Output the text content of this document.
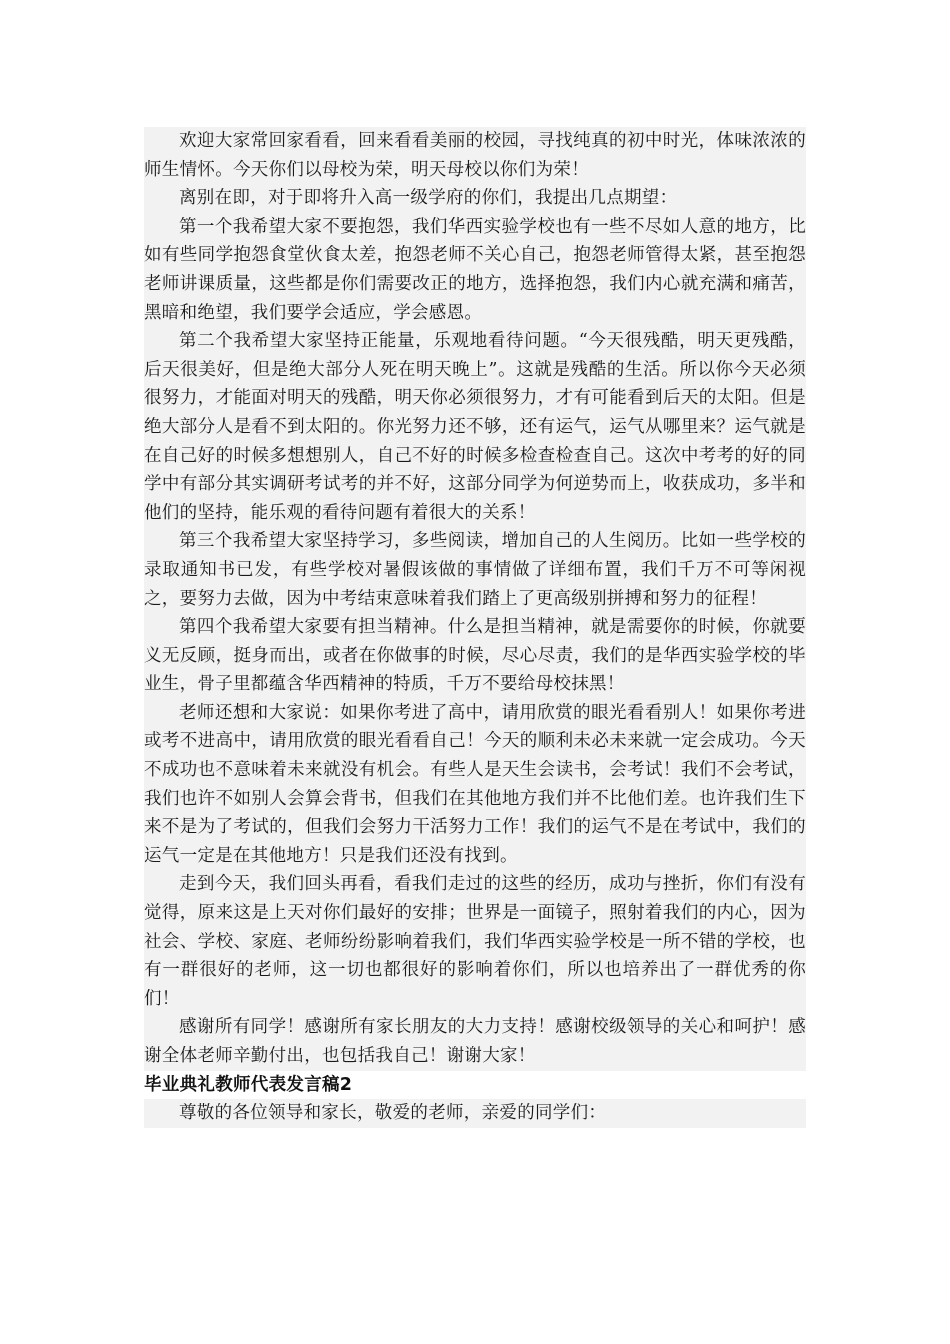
欢迎大家常回家看看，回来看看美丽的校园，寻找纯真的初中时光，体味浓浓的师生情怀。今天你们以母校为荣，明天母校以你们为荣！

离别在即，对于即将升入高一级学府的你们，我提出几点期望：

第一个我希望大家不要抱怨，我们华西实验学校也有一些不尽如人意的地方，比如有些同学抱怨食堂伙食太差，抱怨老师不关心自己，抱怨老师管得太紧，甚至抱怨老师讲课质量，这些都是你们需要改正的地方，选择抱怨，我们内心就充满和痛苦，黑暗和绝望，我们要学会适应，学会感恩。

第二个我希望大家坚持正能量，乐观地看待问题。“今天很残酷，明天更残酷，后天很美好，但是绝大部分人死在明天晚上”。这就是残酷的生活。所以你今天必须很努力，才能面对明天的残酷，明天你必须很努力，才有可能看到后天的太阳。但是绝大部分人是看不到太阳的。你光努力还不够，还有运气，运气从哪里来？运气就是在自己好的时候多想想别人，自己不好的时候多检查检查自己。这次中考考的好的同学中有部分其实调研考试考的并不好，这部分同学为何逆势而上，收获成功，多半和他们的坚持，能乐观的看待问题有着很大的关系！

第三个我希望大家坚持学习，多些阅读，增加自己的人生阅历。比如一些学校的录取通知书已发，有些学校对暑假该做的事情做了详细布置，我们千万不可等闲视之，要努力去做，因为中考结束意味着我们踏上了更高级别拼搏和努力的征程！

第四个我希望大家要有担当精神。什么是担当精神，就是需要你的时候，你就要义无反顾，挺身而出，或者在你做事的时候，尽心尽责，我们的是华西实验学校的毕业生，骨子里都蕴含华西精神的特质，千万不要给母校抹黑！

老师还想和大家说：如果你考进了高中，请用欣赏的眼光看看别人！如果你考进或考不进高中，请用欣赏的眼光看看自己！今天的顺利未必未来就一定会成功。今天不成功也不意味着未来就没有机会。有些人是天生会读书，会考试！我们不会考试，我们也许不如别人会算会背书，但我们在其他地方我们并不比他们差。也许我们生下来不是为了考试的，但我们会努力干活努力工作！我们的运气不是在考试中，我们的运气一定是在其他地方！只是我们还没有找到。

走到今天，我们回头再看，看我们走过的这些的经历，成功与挫折，你们有没有觉得，原来这是上天对你们最好的安排；世界是一面镜子，照射着我们的内心，因为社会、学校、家庭、老师纷纷影响着我们，我们华西实验学校是一所不错的学校，也有一群很好的老师，这一切也都很好的影响着你们，所以也培养出了一群优秀的你们！

感谢所有同学！感谢所有家长朋友的大力支持！感谢校级领导的关心和呵护！感谢全体老师辛勤付出，也包括我自己！谢谢大家！

毕业典礼教师代表发言稿2

尊敬的各位领导和家长，敬爱的老师，亲爱的同学们：
